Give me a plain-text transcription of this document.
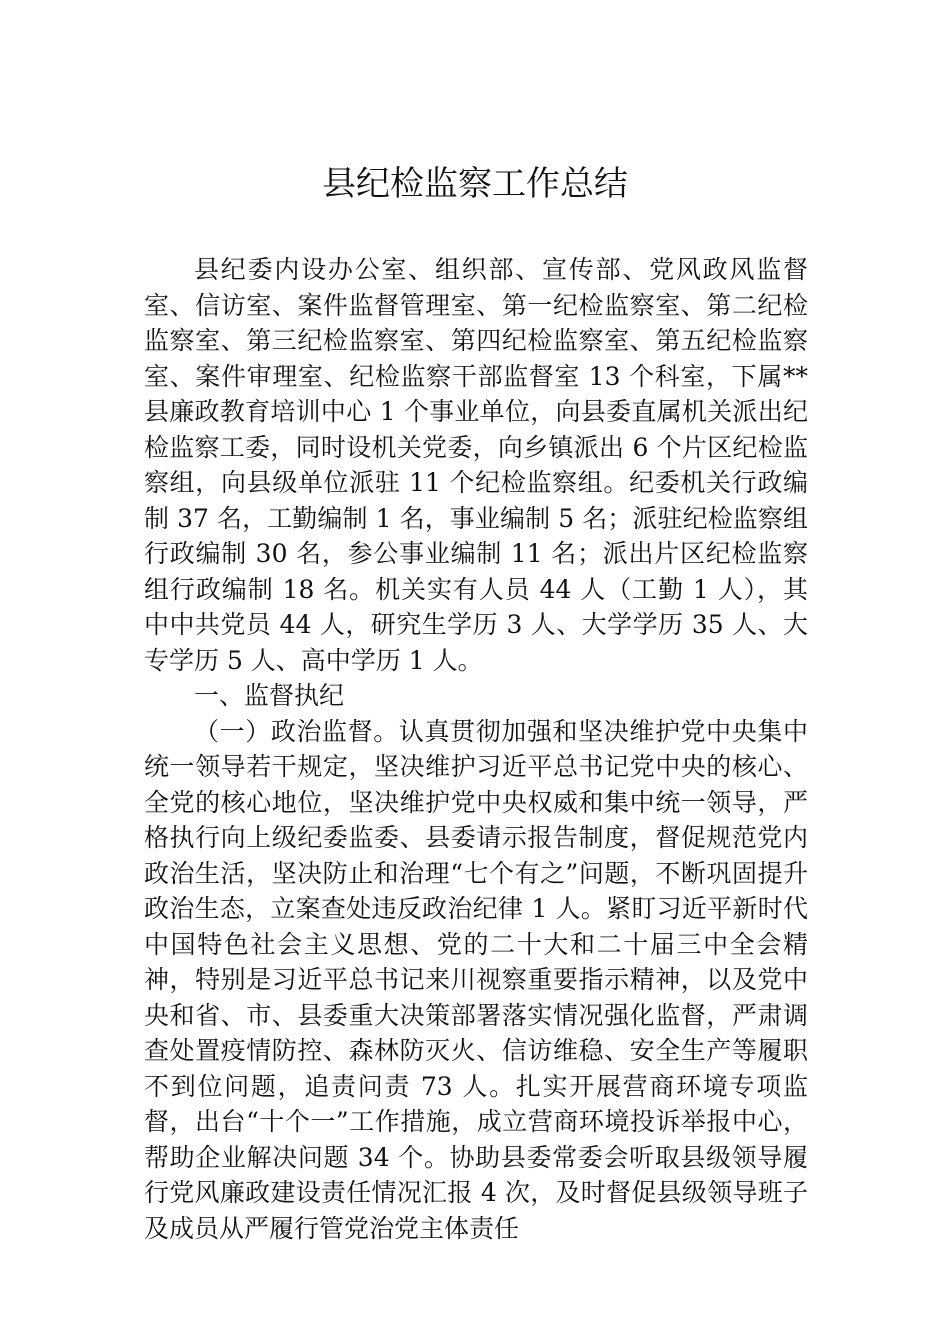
县纪检监察工作总结

县纪委内设办公室、组织部、宣传部、党风政风监督室、信访室、案件监督管理室、第一纪检监察室、第二纪检监察室、第三纪检监察室、第四纪检监察室、第五纪检监察室、案件审理室、纪检监察干部监督室 13 个科室，下属**县廉政教育培训中心 1 个事业单位，向县委直属机关派出纪检监察工委，同时设机关党委，向乡镇派出 6 个片区纪检监察组，向县级单位派驻 11 个纪检监察组。纪委机关行政编制 37 名，工勤编制 1 名，事业编制 5 名；派驻纪检监察组行政编制 30 名，参公事业编制 11 名；派出片区纪检监察组行政编制 18 名。机关实有人员 44 人（工勤 1 人），其中中共党员 44 人，研究生学历 3 人、大学学历 35 人、大专学历 5 人、高中学历 1 人。

一、监督执纪

（一）政治监督。认真贯彻加强和坚决维护党中央集中统一领导若干规定，坚决维护习近平总书记党中央的核心、全党的核心地位，坚决维护党中央权威和集中统一领导，严格执行向上级纪委监委、县委请示报告制度，督促规范党内政治生活，坚决防止和治理“七个有之”问题，不断巩固提升政治生态，立案查处违反政治纪律 1 人。紧盯习近平新时代中国特色社会主义思想、党的二十大和二十届三中全会精神，特别是习近平总书记来川视察重要指示精神，以及党中央和省、市、县委重大决策部署落实情况强化监督，严肃调查处置疫情防控、森林防灭火、信访维稳、安全生产等履职不到位问题，追责问责 73 人。扎实开展营商环境专项监督，出台“十个一”工作措施，成立营商环境投诉举报中心，帮助企业解决问题 34 个。协助县委常委会听取县级领导履行党风廉政建设责任情况汇报 4 次，及时督促县级领导班子及成员从严履行管党治党主体责任
